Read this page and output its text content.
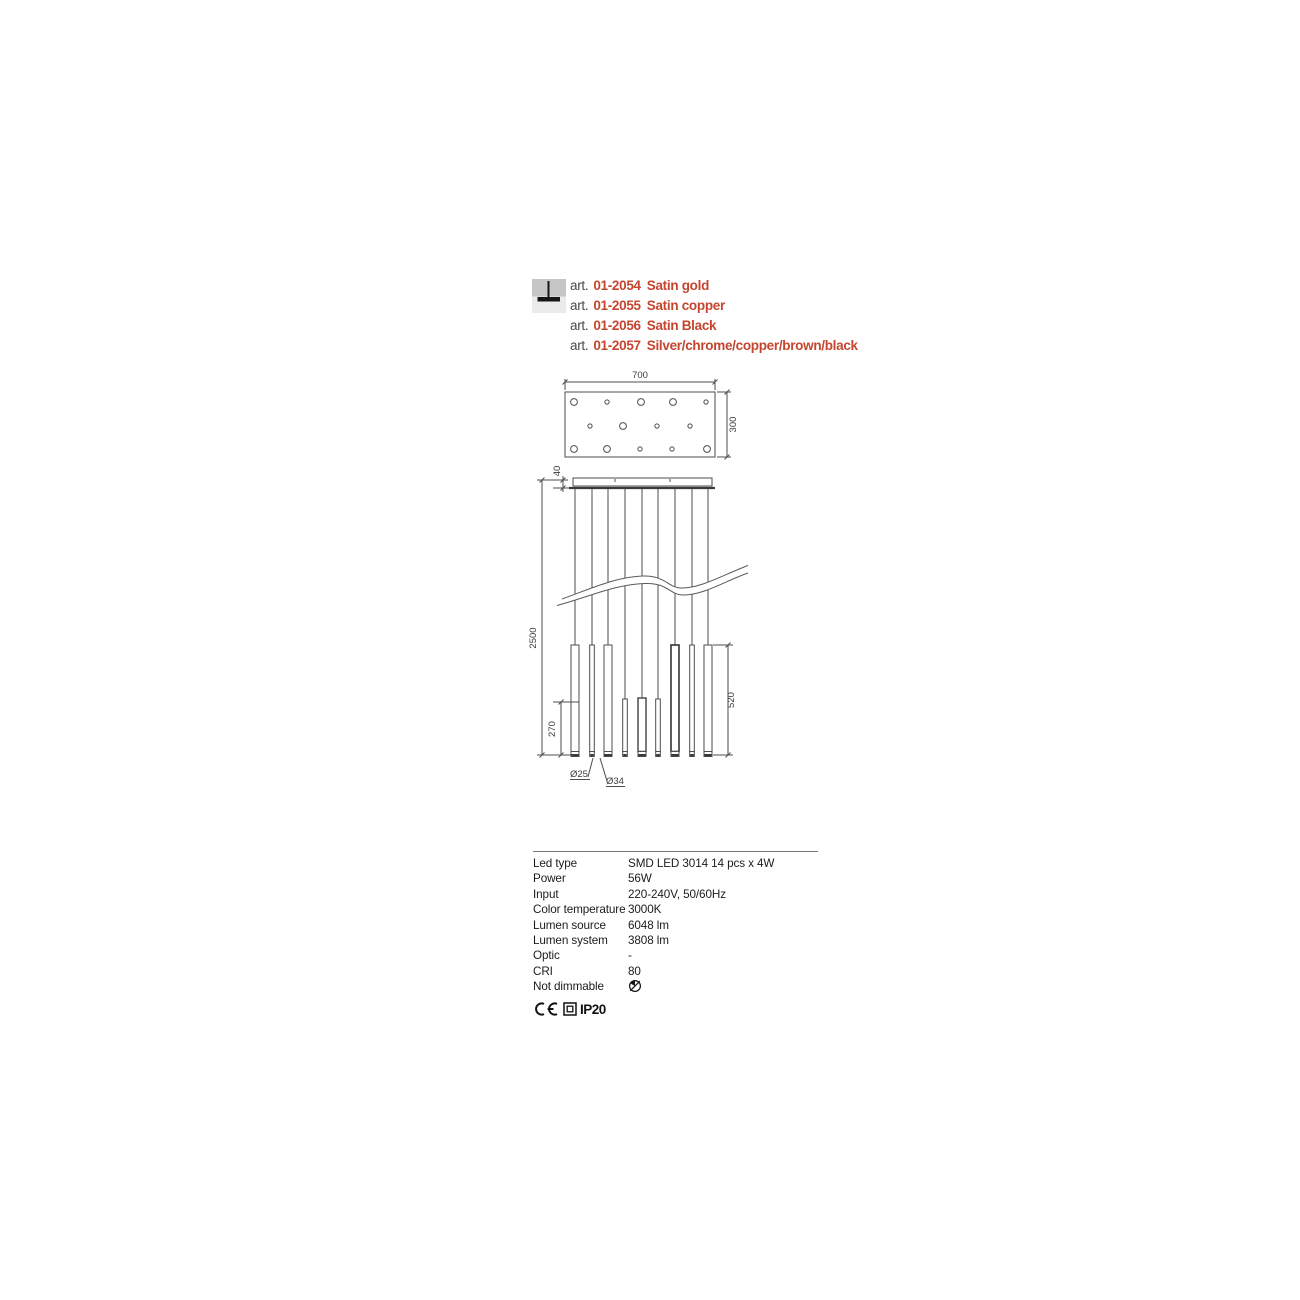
art. 01-2054 Satin gold
art. 01-2055 Satin copper
art. 01-2056 Satin Black
art. 01-2057 Silver/chrome/copper/brown/black
700
300
2500
40
270
520
Ø25
Ø34
Led type	SMD LED 3014 14 pcs x 4W
Power	56W
Input	220-240V, 50/60Hz
Color temperature 3000K
Lumen source	6048 lm
Lumen system	3808 lm
Optic	-
CRI	80
Not dimmable
IP20
